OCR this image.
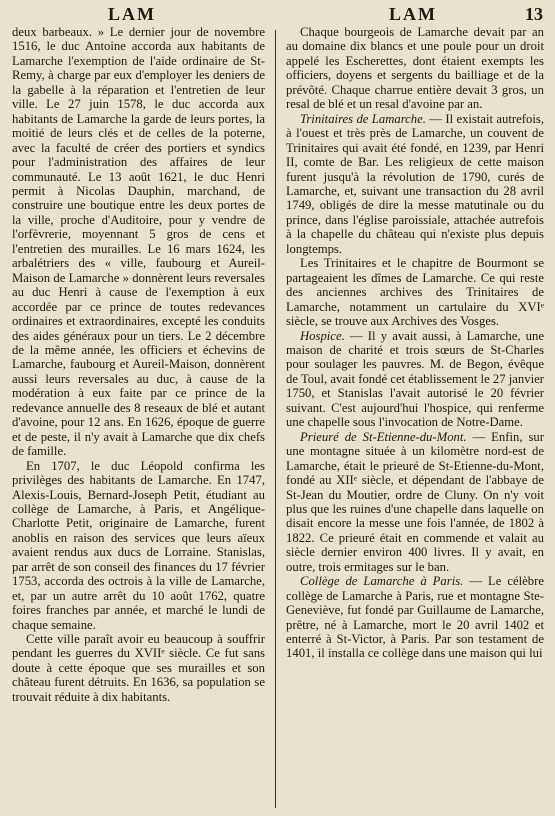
LAM	LAM	13

deux barbeaux. » Le dernier jour de novembre 1516, le duc Antoine accorda aux habitants de Lamarche l'exemption de l'aide ordinaire de St-Remy, à charge par eux d'employer les deniers de la gabelle à la réparation et l'entretien de leur ville. Le 27 juin 1578, le duc accorda aux habitants de Lamarche la garde de leurs portes, la moitié de leurs clés et de celles de la poterne, avec la faculté de créer des portiers et syndics pour l'administration des affaires de leur communauté. Le 13 août 1621, le duc Henri permit à Nicolas Dauphin, marchand, de construire une boutique entre les deux portes de la ville, proche d'Auditoire, pour y vendre de l'orfèvrerie, moyennant 5 gros de cens et l'entretien des murailles. Le 16 mars 1624, les arbalétriers des « ville, faubourg et Aureil-Maison de Lamarche » donnèrent leurs reversales au duc Henri à cause de l'exemption à eux accordée par ce prince de toutes redevances ordinaires et extraordinaires, excepté les conduits des aides généraux pour un tiers. Le 2 décembre de la même année, les officiers et échevins de Lamarche, faubourg et Aureil-Maison, donnèrent aussi leurs reversales au duc, à cause de la modération à eux faite par ce prince de la redevance annuelle des 8 reseaux de blé et autant d'avoine, pour 12 ans. En 1626, époque de guerre et de peste, il n'y avait à Lamarche que dix chefs de famille.

En 1707, le duc Léopold confirma les privilèges des habitants de Lamarche. En 1747, Alexis-Louis, Bernard-Joseph Petit, étudiant au collège de Lamarche, à Paris, et Angélique-Charlotte Petit, originaire de Lamarche, furent anoblis en raison des services que leurs aïeux avaient rendus aux ducs de Lorraine. Stanislas, par arrêt de son conseil des finances du 17 février 1753, accorda des octrois à la ville de Lamarche, et, par un autre arrêt du 10 août 1762, quatre foires franches par année, et marché le lundi de chaque semaine.

Cette ville paraît avoir eu beaucoup à souffrir pendant les guerres du XVIIᵉ siècle. Ce fut sans doute à cette époque que ses murailles et son château furent détruits. En 1636, sa population se trouvait réduite à dix habitants.

Chaque bourgeois de Lamarche devait par an au domaine dix blancs et une poule pour un droit appelé les Escherettes, dont étaient exempts les officiers, doyens et sergents du bailliage et de la prévôté. Chaque charrue entière devait 3 gros, un resal de blé et un resal d'avoine par an.

Trinitaires de Lamarche. — Il existait autrefois, à l'ouest et très près de Lamarche, un couvent de Trinitaires qui avait été fondé, en 1239, par Henri II, comte de Bar. Les religieux de cette maison furent jusqu'à la révolution de 1790, curés de Lamarche, et, suivant une transaction du 28 avril 1749, obligés de dire la messe matutinale ou du prince, dans l'église paroissiale, attachée autrefois à la chapelle du château qui n'existe plus depuis longtemps.

Les Trinitaires et le chapitre de Bourmont se partageaient les dîmes de Lamarche. Ce qui reste des anciennes archives des Trinitaires de Lamarche, notamment un cartulaire du XVIᵉ siècle, se trouve aux Archives des Vosges.

Hospice. — Il y avait aussi, à Lamarche, une maison de charité et trois sœurs de St-Charles pour soulager les pauvres. M. de Begon, évêque de Toul, avait fondé cet établissement le 27 janvier 1750, et Stanislas l'avait autorisé le 20 février suivant. C'est aujourd'hui l'hospice, qui renferme une chapelle sous l'invocation de Notre-Dame.

Prieuré de St-Etienne-du-Mont. — Enfin, sur une montagne située à un kilomètre nord-est de Lamarche, était le prieuré de St-Etienne-du-Mont, fondé au XIIᵉ siècle, et dépendant de l'abbaye de St-Jean du Moutier, ordre de Cluny. On n'y voit plus que les ruines d'une chapelle dans laquelle on disait encore la messe une fois l'année, de 1802 à 1822. Ce prieuré était en commende et valait au siècle dernier environ 400 livres. Il y avait, en outre, trois ermitages sur le ban.

Collège de Lamarche à Paris. — Le célèbre collège de Lamarche à Paris, rue et montagne Ste-Geneviève, fut fondé par Guillaume de Lamarche, prêtre, né à Lamarche, mort le 20 avril 1402 et enterré à St-Victor, à Paris. Par son testament de 1401, il installa ce collège dans une maison qui lui
